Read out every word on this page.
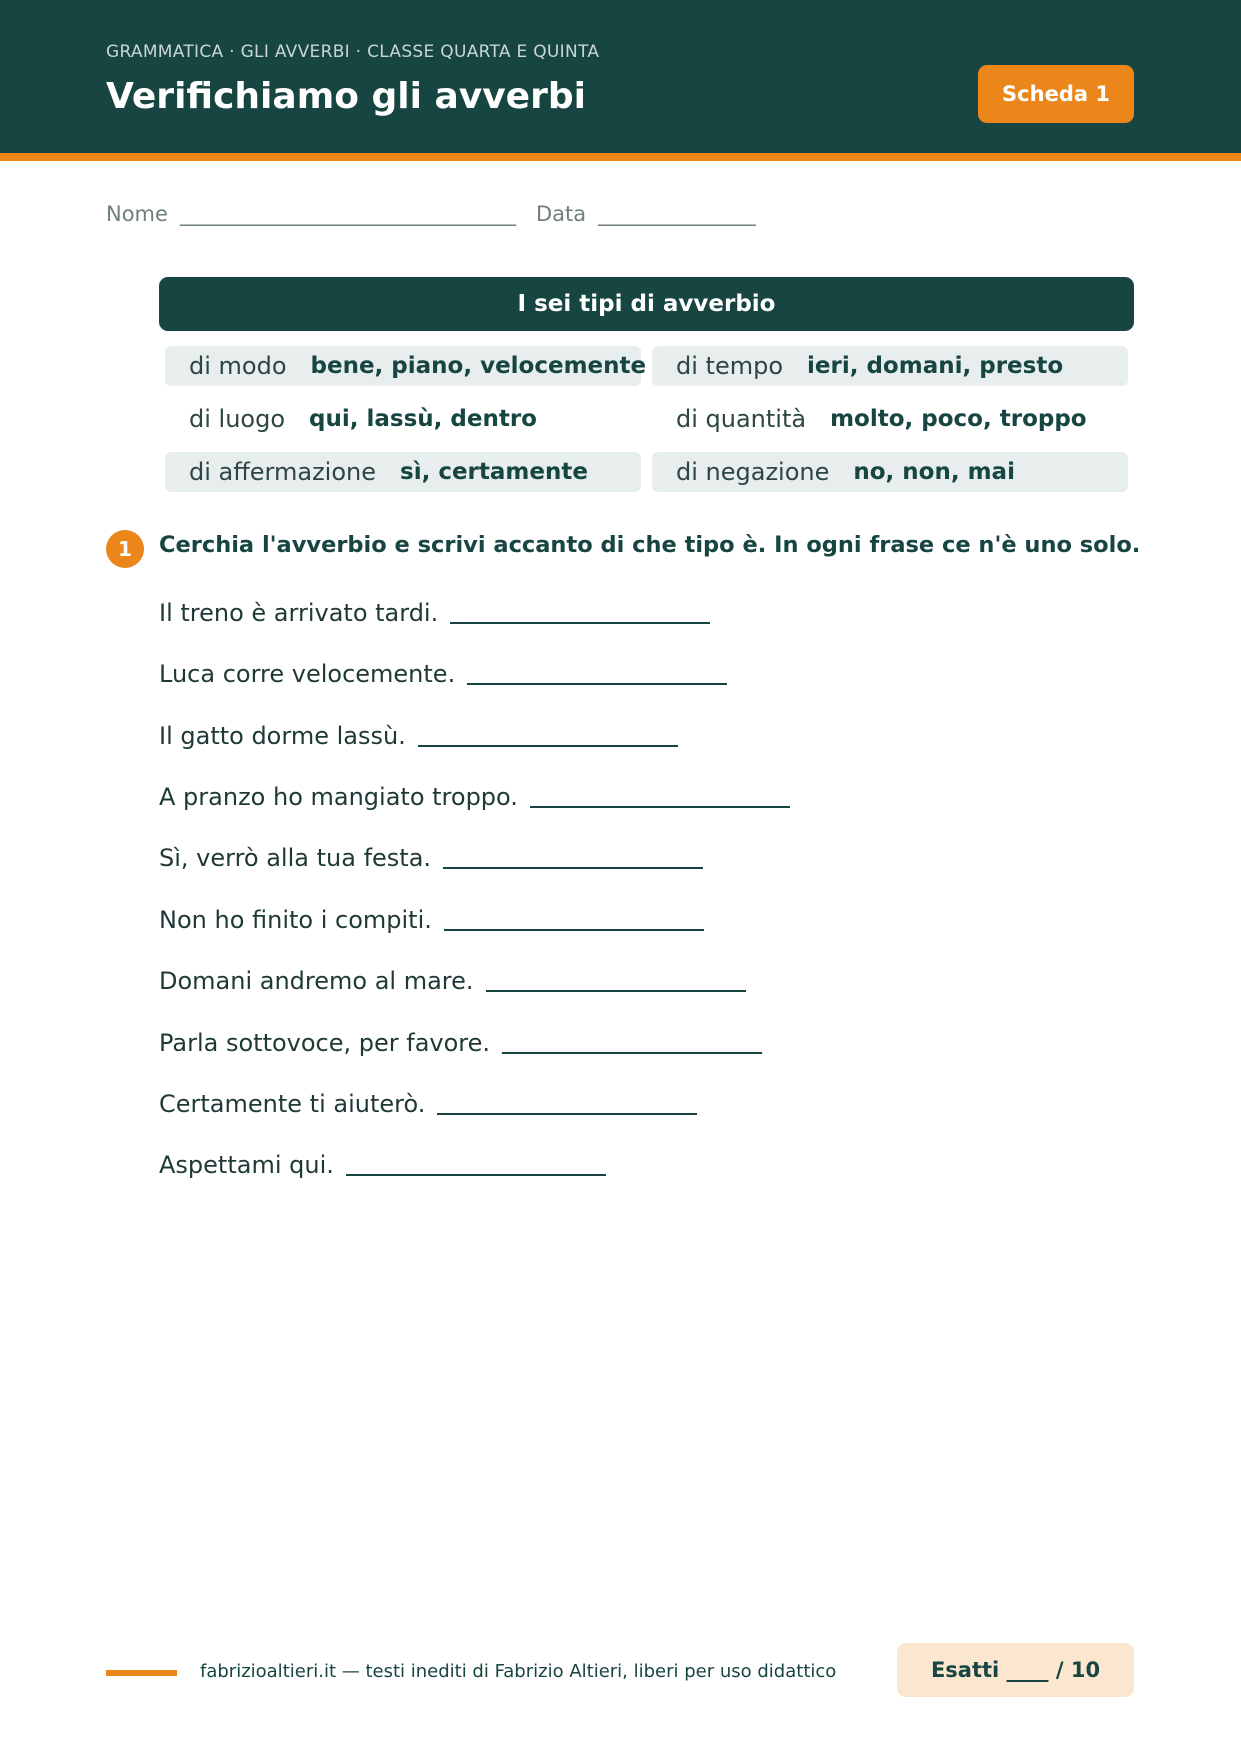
GRAMMATICA · GLI AVVERBI · CLASSE QUARTA E QUINTA
Verifichiamo gli avverbi	Scheda 1
Nome ________________________________ Data _______________
I sei tipi di avverbio
di modo bene, piano, velocemente di tempo ieri, domani, presto
di luogo qui, lassù, dentro	di quantità molto, poco, troppo
di affermazione sì, certamente	di negazione no, non, mai
1	Cerchia l'avverbio e scrivi accanto di che tipo è. In ogni frase ce n'è uno solo.
Il treno è arrivato tardi.
Luca corre velocemente.
Il gatto dorme lassù.
A pranzo ho mangiato troppo.
Sì, verrò alla tua festa.
Non ho finito i compiti.
Domani andremo al mare.
Parla sottovoce, per favore.
Certamente ti aiuterò.
Aspettami qui.
fabrizioaltieri.it — testi inediti di Fabrizio Altieri, liberi per uso didattico	Esatti ____ / 10
